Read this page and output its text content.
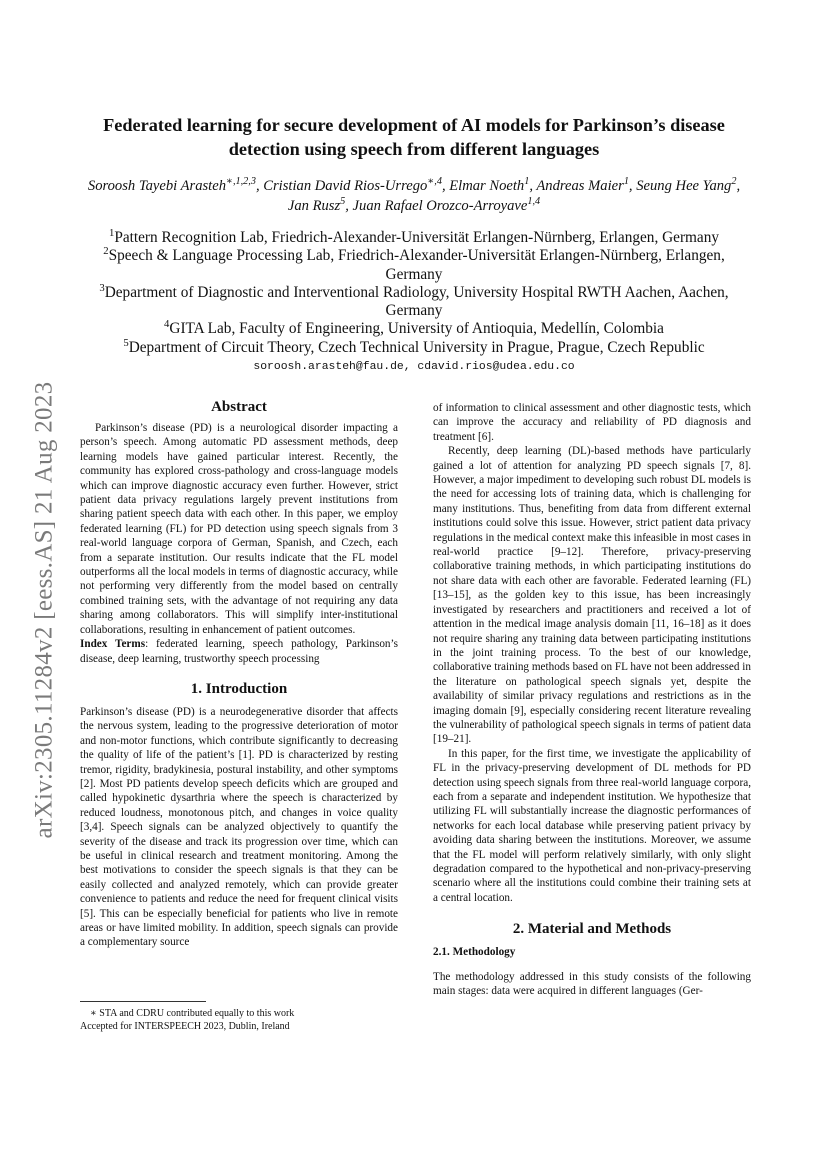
arXiv:2305.11284v2 [eess.AS] 21 Aug 2023
Federated learning for secure development of AI models for Parkinson’s disease detection using speech from different languages
Soroosh Tayebi Arasteh$^{∗,1,2,3}$, Cristian David Rios-Urrego$^{∗,4}$, Elmar Noeth$^1$, Andreas Maier$^1$, Seung Hee Yang$^2$, Jan Rusz$^5$, Juan Rafael Orozco-Arroyave$^{1,4}$
$^1$Pattern Recognition Lab, Friedrich-Alexander-Universität Erlangen-Nürnberg, Erlangen, Germany
$^2$Speech & Language Processing Lab, Friedrich-Alexander-Universität Erlangen-Nürnberg, Erlangen, Germany
$^3$Department of Diagnostic and Interventional Radiology, University Hospital RWTH Aachen, Aachen, Germany
$^4$GITA Lab, Faculty of Engineering, University of Antioquia, Medellín, Colombia
$^5$Department of Circuit Theory, Czech Technical University in Prague, Prague, Czech Republic
soroosh.arasteh@fau.de, cdavid.rios@udea.edu.co
Abstract

Parkinson’s disease (PD) is a neurological disorder impacting a person’s speech. Among automatic PD assessment methods, deep learning models have gained particular interest. Recently, the community has explored cross-pathology and cross-language models which can improve diagnostic accuracy even further. However, strict patient data privacy regulations largely prevent institutions from sharing patient speech data with each other. In this paper, we employ federated learning (FL) for PD detection using speech signals from 3 real-world language corpora of German, Spanish, and Czech, each from a separate institution. Our results indicate that the FL model outperforms all the local models in terms of diagnostic accuracy, while not performing very differently from the model based on centrally combined training sets, with the advantage of not requiring any data sharing among collaborators. This will simplify inter-institutional collaborations, resulting in enhancement of patient outcomes.

Index Terms: federated learning, speech pathology, Parkinson’s disease, deep learning, trustworthy speech processing

1. Introduction

Parkinson’s disease (PD) is a neurodegenerative disorder that affects the nervous system, leading to the progressive deterioration of motor and non-motor functions, which contribute significantly to decreasing the quality of life of the patient’s [1]. PD is characterized by resting tremor, rigidity, bradykinesia, postural instability, and other symptoms [2]. Most PD patients develop speech deficits which are grouped and called hypokinetic dysarthria where the speech is characterized by reduced loudness, monotonous pitch, and changes in voice quality [3,4]. Speech signals can be analyzed objectively to quantify the severity of the disease and track its progression over time, which can be useful in clinical research and treatment monitoring. Among the best motivations to consider the speech signals is that they can be easily collected and analyzed remotely, which can provide greater convenience to patients and reduce the need for frequent clinical visits [5]. This can be especially beneficial for patients who live in remote areas or have limited mobility. In addition, speech signals can provide a complementary source

of information to clinical assessment and other diagnostic tests, which can improve the accuracy and reliability of PD diagnosis and treatment [6].

Recently, deep learning (DL)-based methods have particularly gained a lot of attention for analyzing PD speech signals [7, 8]. However, a major impediment to developing such robust DL models is the need for accessing lots of training data, which is challenging for many institutions. Thus, benefiting from data from different external institutions could solve this issue. However, strict patient data privacy regulations in the medical context make this infeasible in most cases in real-world practice [9–12]. Therefore, privacy-preserving collaborative training methods, in which participating institutions do not share data with each other are favorable. Federated learning (FL) [13–15], as the golden key to this issue, has been increasingly investigated by researchers and practitioners and received a lot of attention in the medical image analysis domain [11, 16–18] as it does not require sharing any training data between participating institutions in the joint training process. To the best of our knowledge, collaborative training methods based on FL have not been addressed in the literature on pathological speech signals yet, despite the availability of similar privacy regulations and restrictions as in the imaging domain [9], especially considering recent literature revealing the vulnerability of pathological speech signals in terms of patient data [19–21].

In this paper, for the first time, we investigate the applicability of FL in the privacy-preserving development of DL methods for PD detection using speech signals from three real-world language corpora, each from a separate and independent institution. We hypothesize that utilizing FL will substantially increase the diagnostic performances of networks for each local database while preserving patient privacy by avoiding data sharing between the institutions. Moreover, we assume that the FL model will perform relatively similarly, with only slight degradation compared to the hypothetical and non-privacy-preserving scenario where all the institutions could combine their training sets at a central location.

2. Material and Methods
2.1. Methodology

The methodology addressed in this study consists of the following main stages: data were acquired in different languages (Ger-

∗ STA and CDRU contributed equally to this work
Accepted for INTERSPEECH 2023, Dublin, Ireland
